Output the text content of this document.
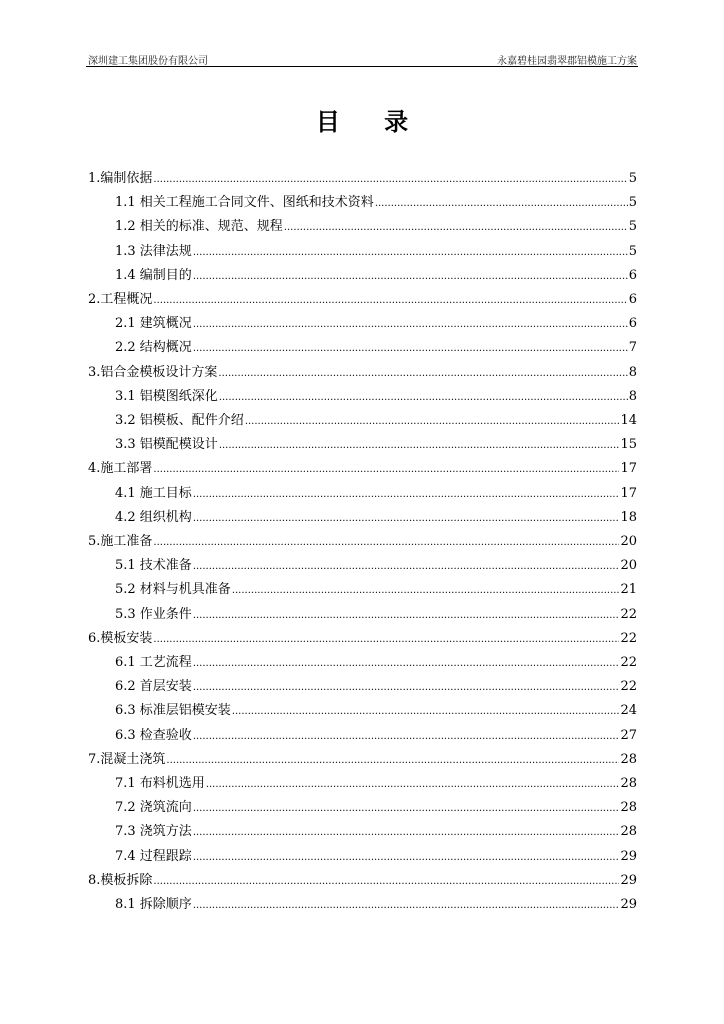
深圳建工集团股份有限公司	永嘉碧桂园翡翠郡铝模施工方案
目 录
1.编制依据 .....	5
1.1 相关工程施工合同文件、图纸和技术资料 .....	5
1.2 相关的标准、规范、规程 .....	5
1.3 法律法规 .....	5
1.4 编制目的 .....	6
2.工程概况 .....	6
2.1 建筑概况 .....	6
2.2 结构概况 .....	7
3.铝合金模板设计方案 .....	8
3.1 铝模图纸深化 .....	8
3.2 铝模板、配件介绍 .....	14
3.3 铝模配模设计 .....	15
4.施工部署 .....	17
4.1 施工目标 .....	17
4.2 组织机构 .....	18
5.施工准备 .....	20
5.1 技术准备 .....	20
5.2 材料与机具准备 .....	21
5.3 作业条件 .....	22
6.模板安装 .....	22
6.1 工艺流程 .....	22
6.2 首层安装 .....	22
6.3 标准层铝模安装 .....	24
6.3 检查验收 .....	27
7.混凝土浇筑 .....	28
7.1 布料机选用 .....	28
7.2 浇筑流向 .....	28
7.3 浇筑方法 .....	28
7.4 过程跟踪 .....	29
8.模板拆除 .....	29
8.1 拆除顺序 .....	29
